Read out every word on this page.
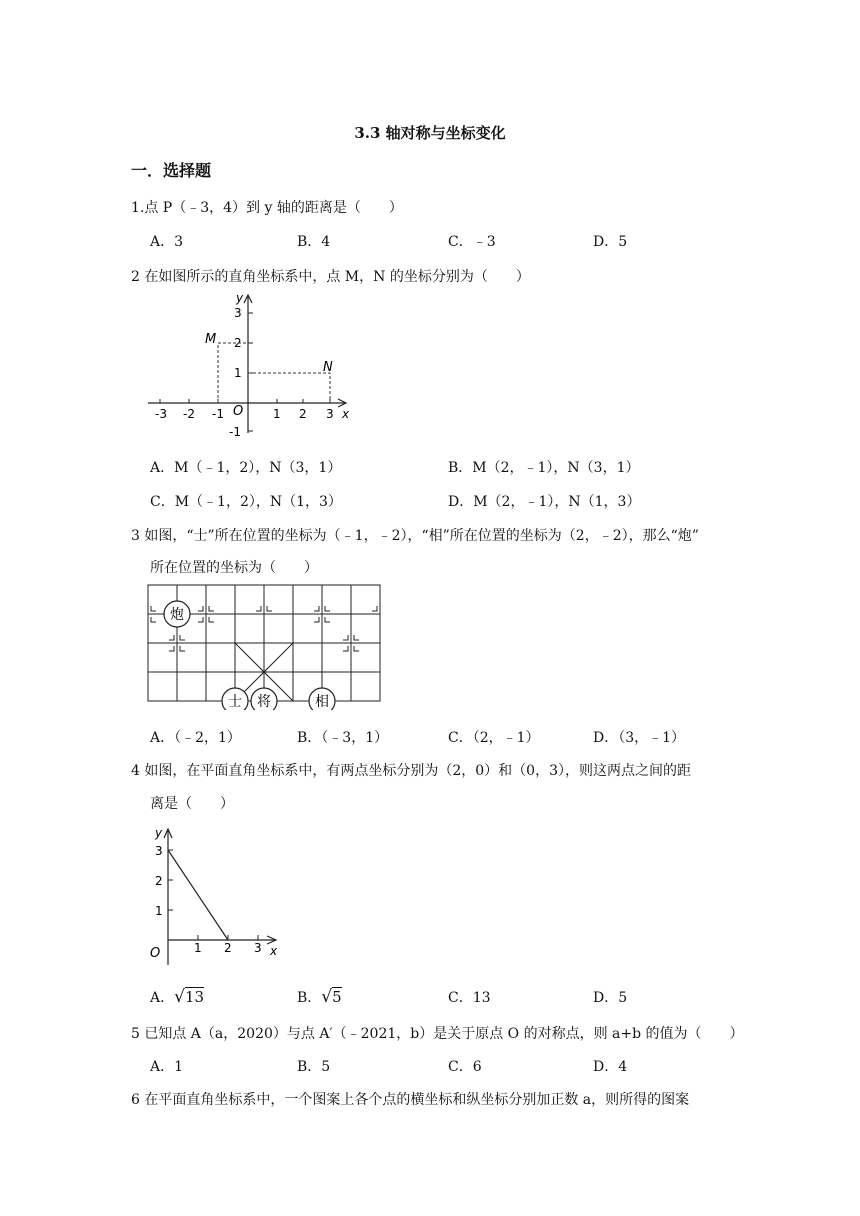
3.3 轴对称与坐标变化
一．选择题
1.点 P（﹣3，4）到 y 轴的距离是（　　）
A．3	B．4	C．﹣3	D．5
2 在如图所示的直角坐标系中，点 M，N 的坐标分别为（　　）
-3 -2 -1 O 1 2 3 x
3
2
1
-1
y
M
N
A．M（﹣1，2），N（3，1）	B．M（2，﹣1），N（3，1）
C．M（﹣1，2），N（1，3）	D．M（2，﹣1），N（1，3）
3 如图，“士”所在位置的坐标为（﹣1，﹣2），“相”所在位置的坐标为（2，﹣2），那么“炮”
所在位置的坐标为（　　）
炮
士 将	相
A．（﹣2，1）	B．（﹣3，1）	C．（2，﹣1）	D．（3，﹣1）
4 如图，在平面直角坐标系中，有两点坐标分别为（2，0）和（0，3），则这两点之间的距
离是（　　）
3
2
1
1 2 3
O	x
y
A．√13	B．√5	C．13	D．5
5 已知点 A（a，2020）与点 A′（﹣2021，b）是关于原点 O 的对称点，则 a+b 的值为（　　）
A．1	B．5	C．6	D．4
6 在平面直角坐标系中，一个图案上各个点的横坐标和纵坐标分别加正数 a，则所得的图案
